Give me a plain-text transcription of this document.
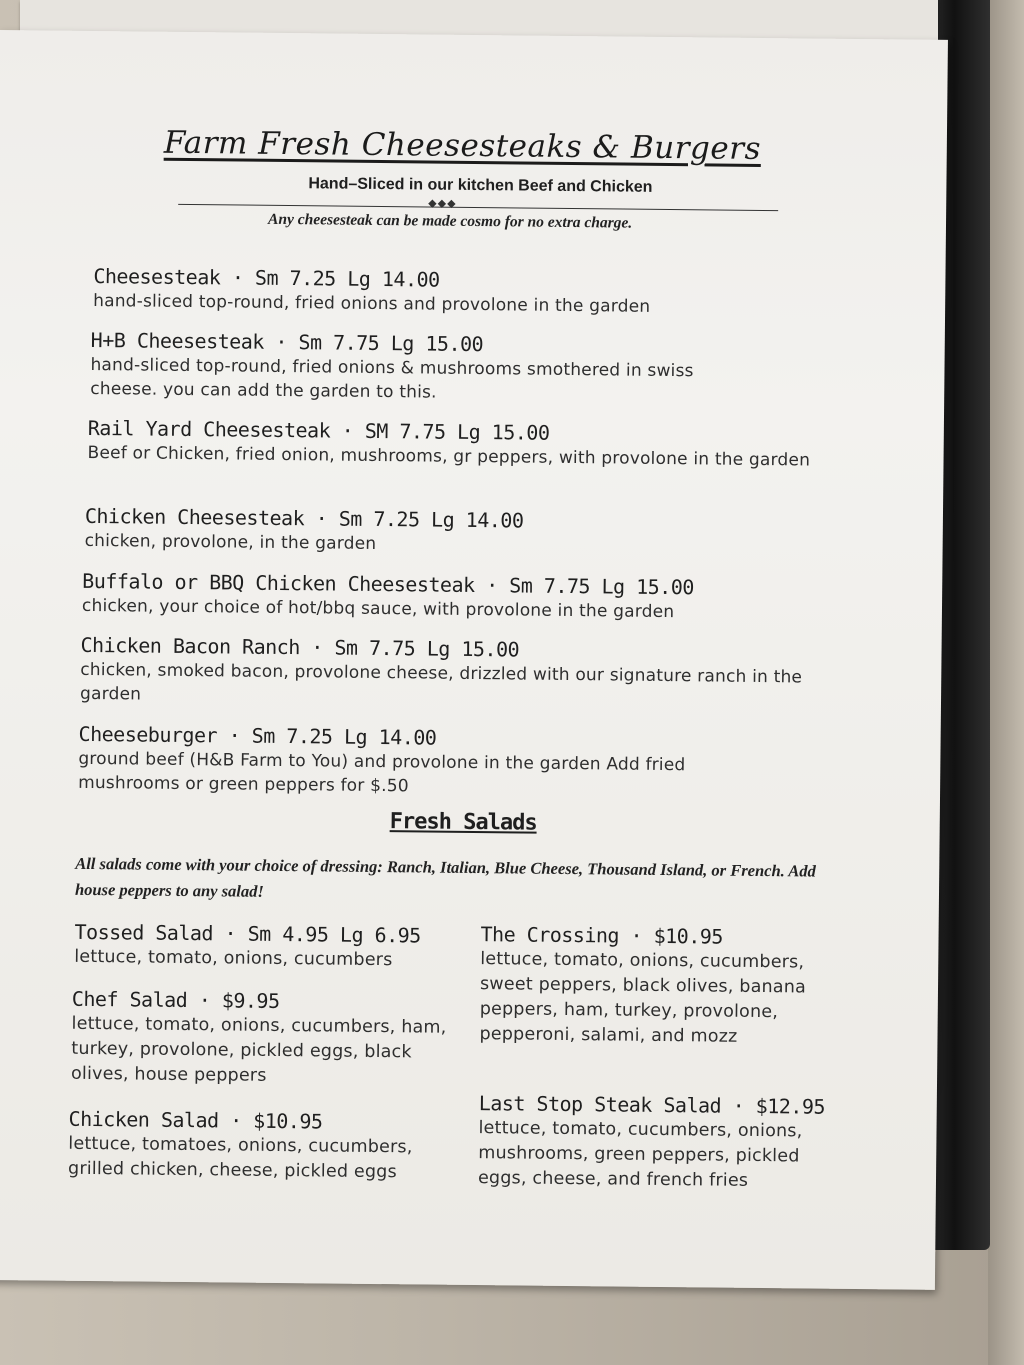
Farm Fresh Cheesesteaks & Burgers
Hand–Sliced in our kitchen Beef and Chicken
◆◆◆
Any cheesesteak can be made cosmo for no extra charge.
Cheesesteak · Sm 7.25 Lg 14.00
hand-sliced top-round, fried onions and provolone in the garden
H+B Cheesesteak · Sm 7.75 Lg 15.00
hand-sliced top-round, fried onions & mushrooms smothered in swiss cheese. you can add the garden to this.
Rail Yard Cheesesteak · SM 7.75 Lg 15.00
Beef or Chicken, fried onion, mushrooms, gr peppers, with provolone in the garden
Chicken Cheesesteak · Sm 7.25 Lg 14.00
chicken, provolone, in the garden
Buffalo or BBQ Chicken Cheesesteak · Sm 7.75 Lg 15.00
chicken, your choice of hot/bbq sauce, with provolone in the garden
Chicken Bacon Ranch · Sm 7.75 Lg 15.00
chicken, smoked bacon, provolone cheese, drizzled with our signature ranch in the garden
Cheeseburger · Sm 7.25 Lg 14.00
ground beef (H&B Farm to You) and provolone in the garden Add fried mushrooms or green peppers for $.50
Fresh Salads
All salads come with your choice of dressing: Ranch, Italian, Blue Cheese, Thousand Island, or French. Add house peppers to any salad!
Tossed Salad · Sm 4.95 Lg 6.95
lettuce, tomato, onions, cucumbers
Chef Salad · $9.95
lettuce, tomato, onions, cucumbers, ham, turkey, provolone, pickled eggs, black olives, house peppers
Chicken Salad · $10.95
lettuce, tomatoes, onions, cucumbers, grilled chicken, cheese, pickled eggs
The Crossing · $10.95
lettuce, tomato, onions, cucumbers, sweet peppers, black olives, banana peppers, ham, turkey, provolone, pepperoni, salami, and mozz
Last Stop Steak Salad · $12.95
lettuce, tomato, cucumbers, onions, mushrooms, green peppers, pickled eggs, cheese, and french fries
